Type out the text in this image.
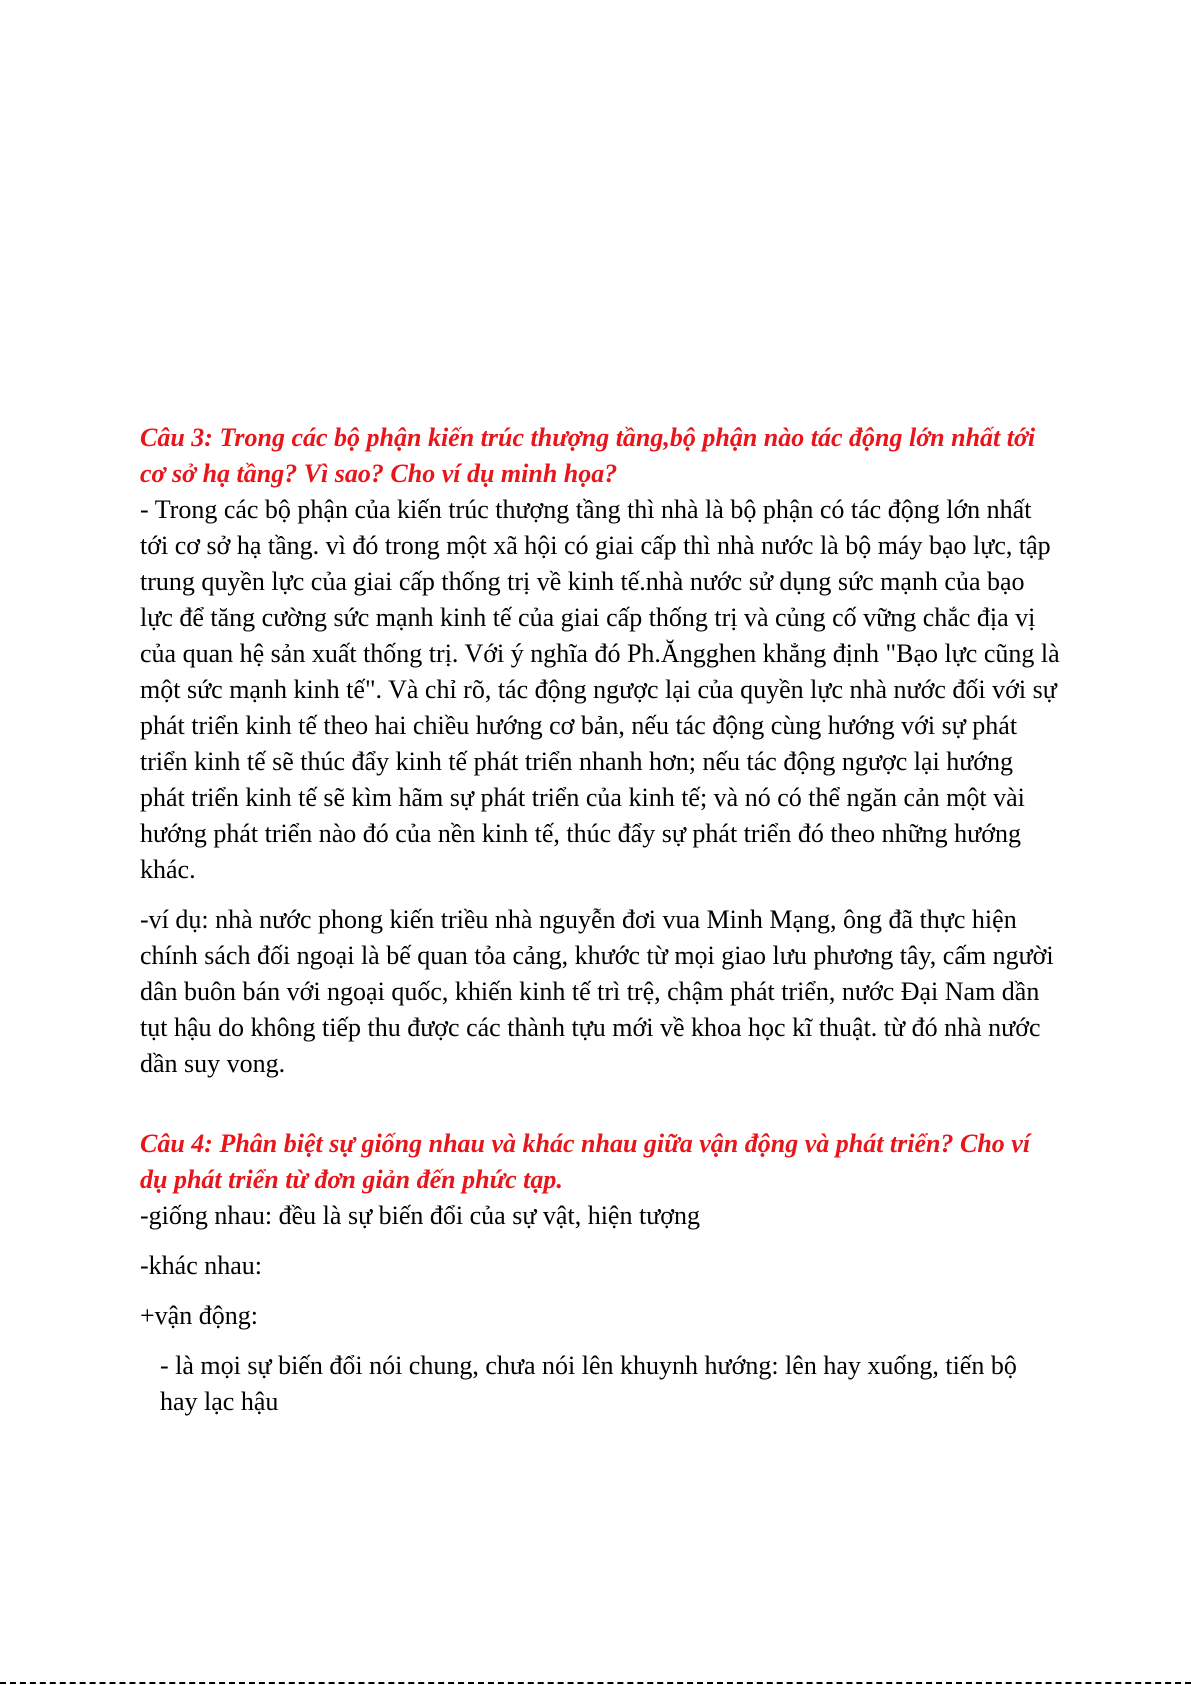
Câu 3: Trong các bộ phận kiến trúc thượng tầng,bộ phận nào tác động lớn nhất tới cơ sở hạ tầng? Vì sao? Cho ví dụ minh họa?

- Trong các bộ phận của kiến trúc thượng tầng thì nhà là bộ phận có tác động lớn nhất tới cơ sở hạ tầng. vì đó trong một xã hội có giai cấp thì nhà nước là bộ máy bạo lực, tập trung quyền lực của giai cấp thống trị về kinh tế.nhà nước sử dụng sức mạnh của bạo lực để tăng cường sức mạnh kinh tế của giai cấp thống trị và củng cố vững chắc địa vị của quan hệ sản xuất thống trị. Với ý nghĩa đó Ph.Ăngghen khẳng định "Bạo lực cũng là một sức mạnh kinh tế". Và chỉ rõ, tác động ngược lại của quyền lực nhà nước đối với sự phát triển kinh tế theo hai chiều hướng cơ bản, nếu tác động cùng hướng với sự phát triển kinh tế sẽ thúc đẩy kinh tế phát triển nhanh hơn; nếu tác động ngược lại hướng phát triển kinh tế sẽ kìm hãm sự phát triển của kinh tế; và nó có thể ngăn cản một vài hướng phát triển nào đó của nền kinh tế, thúc đẩy sự phát triển đó theo những hướng khác.

-ví dụ: nhà nước phong kiến triều nhà nguyễn đơi vua Minh Mạng, ông đã thực hiện chính sách đối ngoại là bế quan tỏa cảng, khước từ mọi giao lưu phương tây, cấm người dân buôn bán với ngoại quốc, khiến kinh tế trì trệ, chậm phát triển, nước Đại Nam dần tụt hậu do không tiếp thu được các thành tựu mới về khoa học kĩ thuật. từ đó nhà nước dần suy vong.

Câu 4: Phân biệt sự giống nhau và khác nhau giữa vận động và phát triển? Cho ví dụ phát triển từ đơn giản đến phức tạp.

-giống nhau: đều là sự biến đổi của sự vật, hiện tượng

-khác nhau:

+vận động:

- là mọi sự biến đổi nói chung, chưa nói lên khuynh hướng: lên hay xuống, tiến bộ hay lạc hậu
